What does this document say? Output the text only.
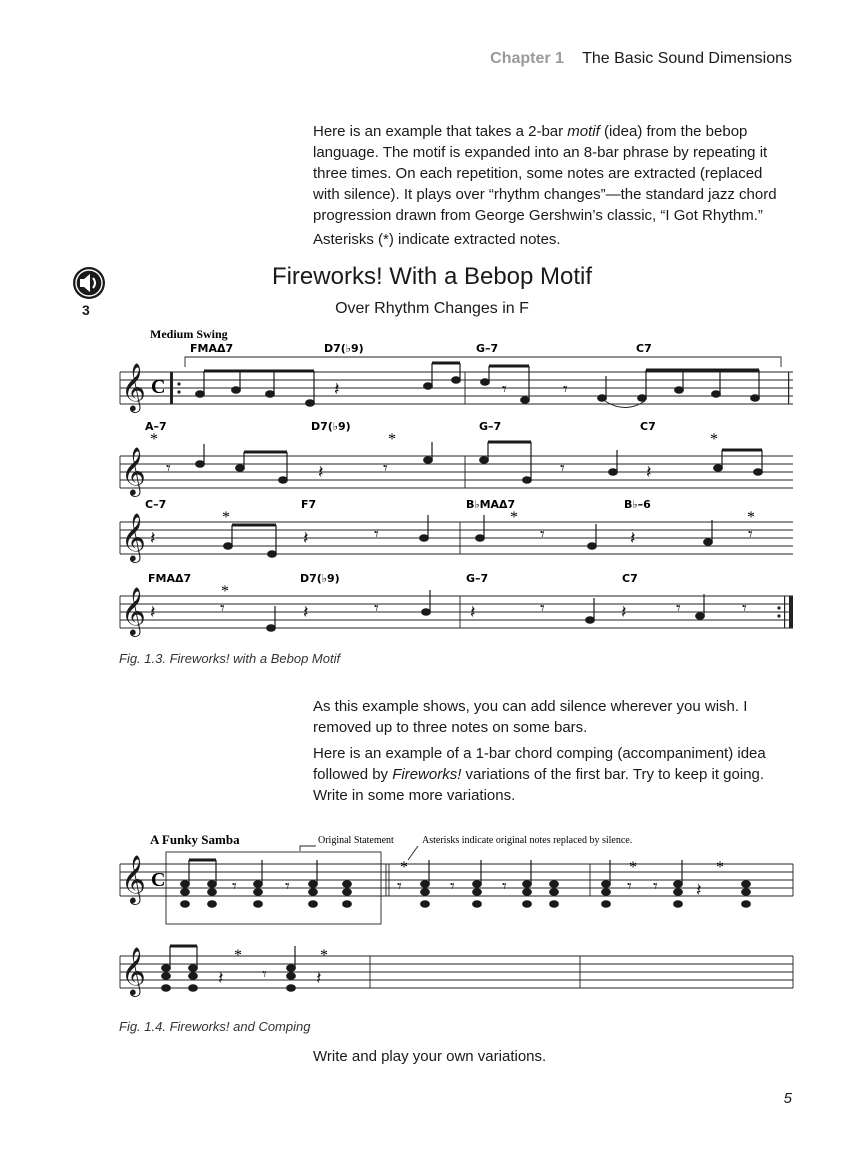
Chapter 1 The Basic Sound Dimensions

Here is an example that takes a 2-bar motif (idea) from the bebop language. The motif is expanded into an 8-bar phrase by repeating it three times. On each repetition, some notes are extracted (replaced with silence). It plays over “rhythm changes”—the standard jazz chord progression drawn from George Gershwin’s classic, “I Got Rhythm.”

Asterisks (*) indicate extracted notes.

3
Fireworks! With a Bebop Motif
Over Rhythm Changes in F
𝄞
𝄞
𝄞
𝄞
C
Medium Swing
FMAΔ7	D7(♭9)	G–7	C7
A–7	D7(♭9)	G–7	C7
C–7	F7	B♭MAΔ7	B♭–6
FMAΔ7	D7(♭9)	G–7	C7
*	*	*
*	*	*
*
𝄽	𝄾	𝄾
𝄾	𝄽	𝄾	𝄾	𝄽
𝄽	𝄽	𝄾	𝄾	𝄽	𝄾
𝄽	𝄾	𝄽	𝄾	𝄽	𝄾	𝄽	𝄾	𝄾
Fig. 1.3. Fireworks! with a Bebop Motif

As this example shows, you can add silence wherever you wish. I removed up to three notes on some bars.

Here is an example of a 1-bar chord comping (accompaniment) idea followed by Fireworks! variations of the first bar. Try to keep it going. Write in some more variations.

A Funky Samba	Original Statement	Asterisks indicate original notes replaced by silence.
𝄞
𝄞
C	𝄾	𝄾	𝄾	𝄾	𝄾	𝄾 𝄾 𝄽
𝄽 𝄾	𝄽
*	*	*
*	*
Fig. 1.4. Fireworks! and Comping

Write and play your own variations.

5
